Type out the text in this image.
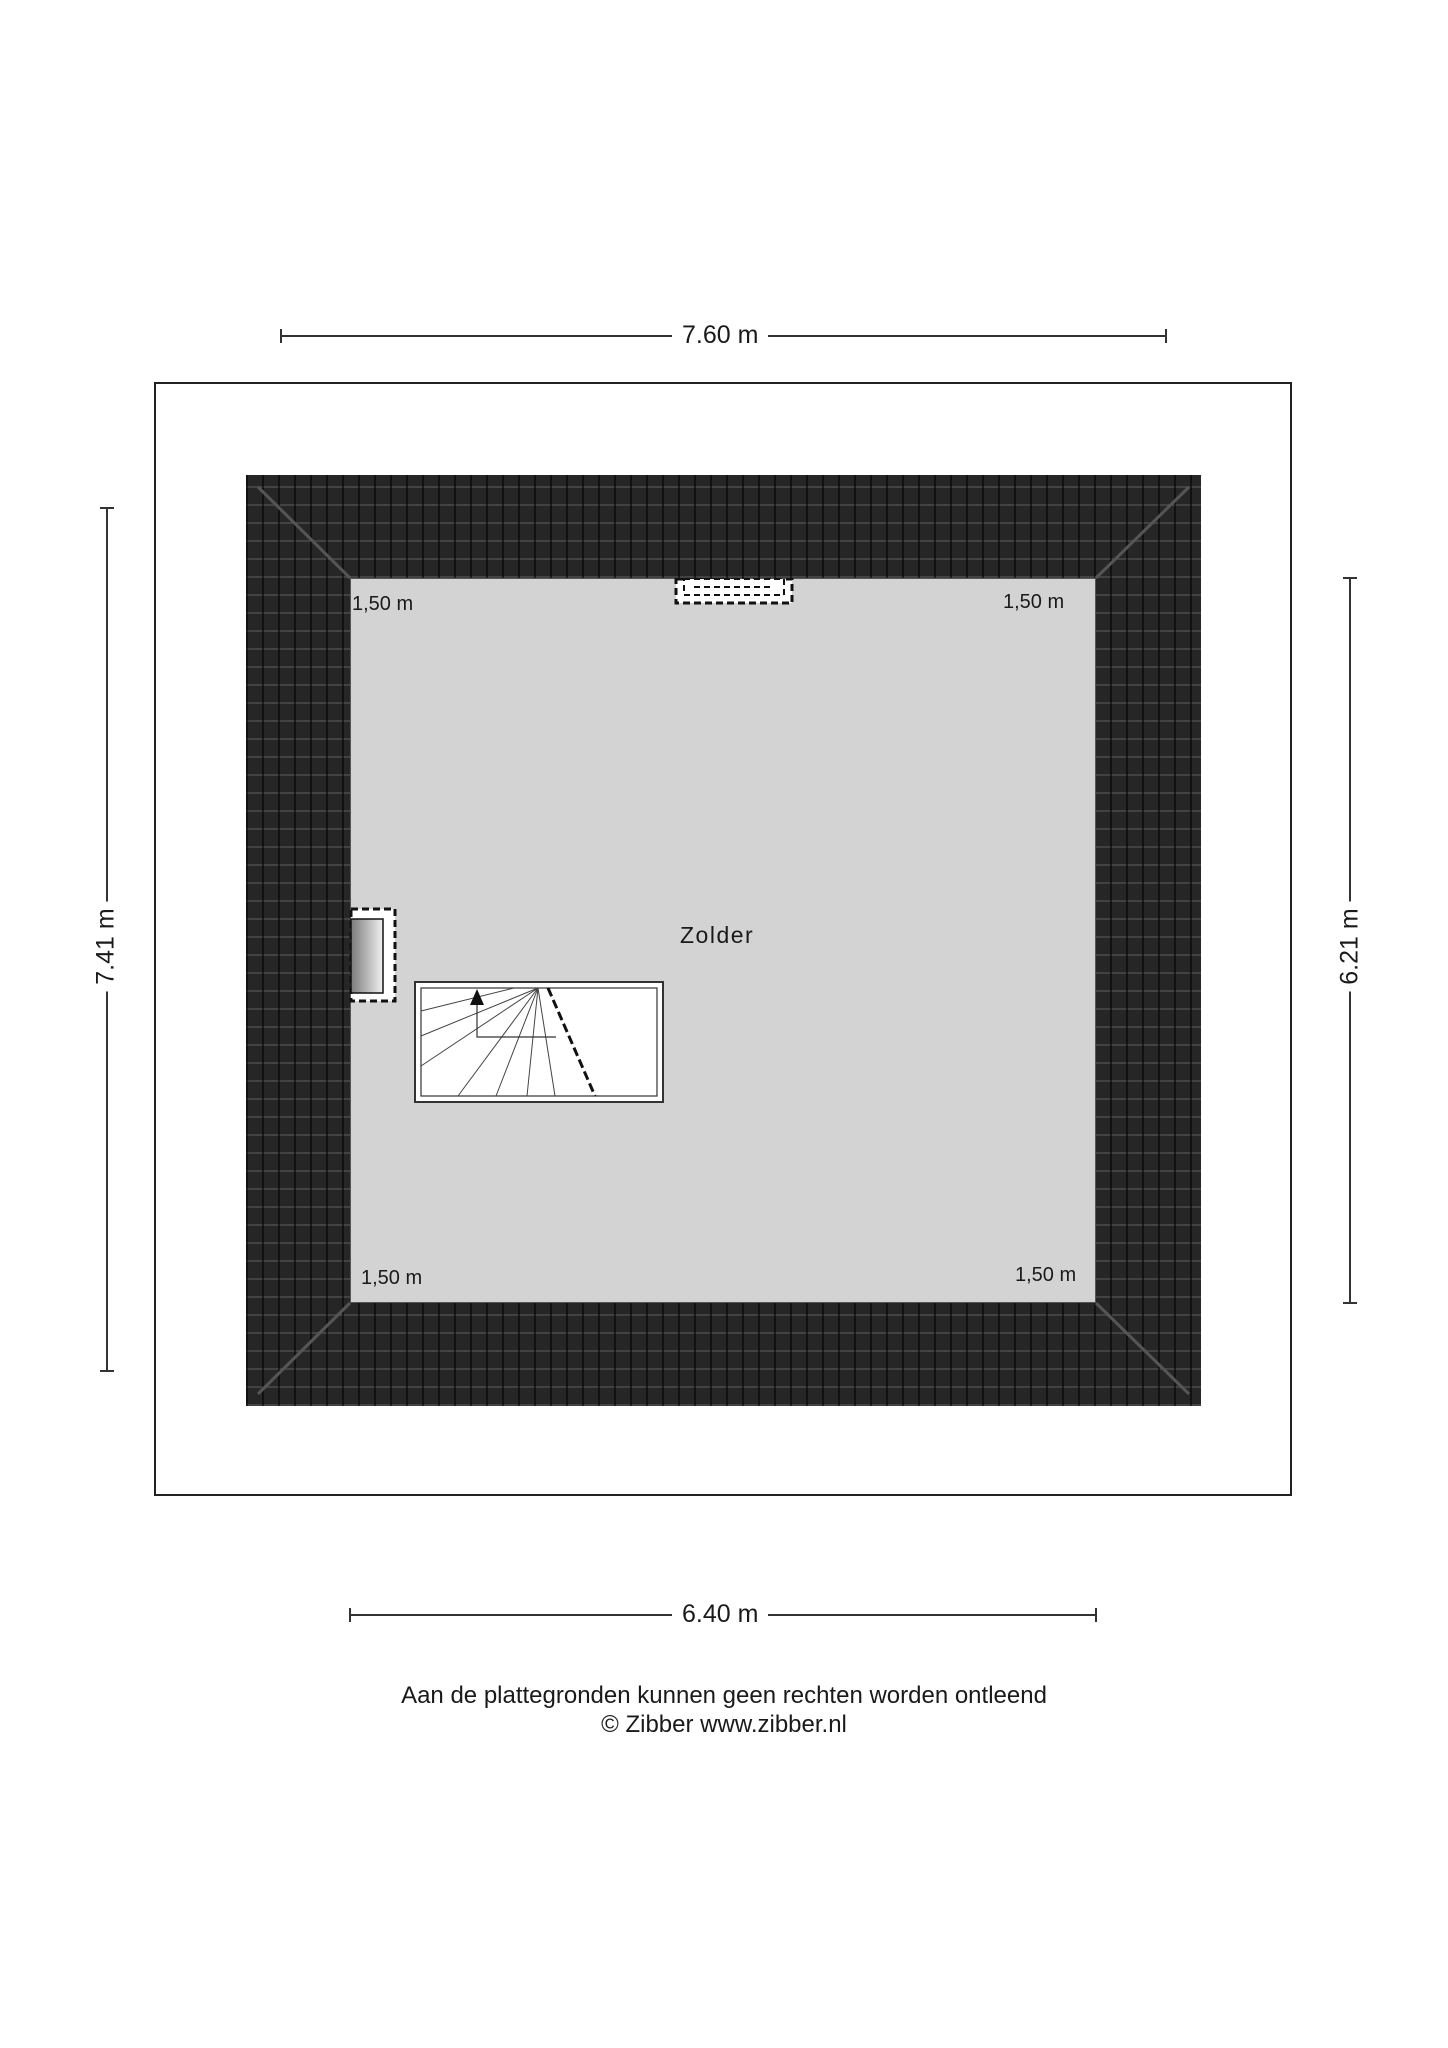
7.60 m
6.40 m
7.41 m	6.21 m
1,50 m	1,50 m
1,50 m	1,50 m
Zolder
Aan de plattegronden kunnen geen rechten worden ontleend
© Zibber www.zibber.nl
